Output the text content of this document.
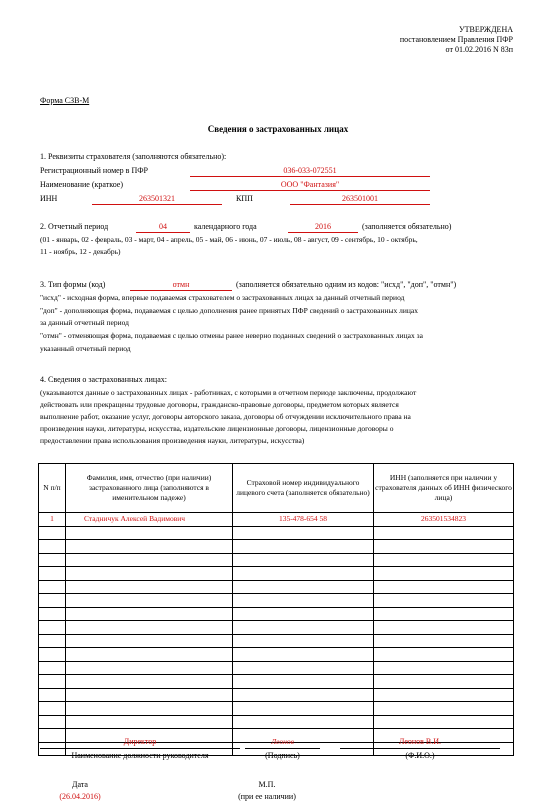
УТВЕРЖДЕНА
постановлением Правления ПФР
от 01.02.2016 N 83п
Форма СЗВ-М
Сведения о застрахованных лицах
1. Реквизиты страхователя (заполняются обязательно):
Регистрационный номер в ПФР	036-033-072551
Наименование (краткое)	ООО "Фантазия"
ИНН	263501321	КПП	263501001
2. Отчетный период	04	календарного года	2016	(заполняется обязательно)
(01 - январь, 02 - февраль, 03 - март, 04 - апрель, 05 - май, 06 - июнь, 07 - июль, 08 - август, 09 - сентябрь, 10 - октябрь,
11 - ноябрь, 12 - декабрь)
3. Тип формы (код)	отмн	(заполняется обязательно одним из кодов: "исхд", "доп", "отмн")
"исхд" - исходная форма, впервые подаваемая страхователем о застрахованных лицах за данный отчетный период
"доп" - дополняющая форма, подаваемая с целью дополнения ранее принятых ПФР сведений о застрахованных лицах
за данный отчетный период
"отмн" - отменяющая форма, подаваемая с целью отмены ранее неверно поданных сведений о застрахованных лицах за
указанный отчетный период
4. Сведения о застрахованных лицах:
(указываются данные о застрахованных лицах - работниках, с которыми в отчетном периоде заключены, продолжают
действовать или прекращены трудовые договоры, гражданско-правовые договоры, предметом которых является
выполнение работ, оказание услуг, договоры авторского заказа, договоры об отчуждении исключительного права на
произведения науки, литературы, искусства, издательские лицензионные договоры, лицензионные договоры о
предоставлении права использования произведения науки, литературы, искусства)
N п/п	Фамилия, имя, отчество (при наличии) застрахованного лица (заполняются в именительном падеже)	Страховой номер индивидуального лицевого счета (заполняется обязательно)	ИНН (заполняется при наличии у страхователя данных об ИНН физического лица)
1	Стадничук Алексей Вадимович	135-478-654 58	263501534823

Директор
Наименование должности руководителя
Леонов
(Подпись)
Леонов В.И.
(Ф.И.О.)
Дата
(26.04.2016)
М.П.
(при ее наличии)
